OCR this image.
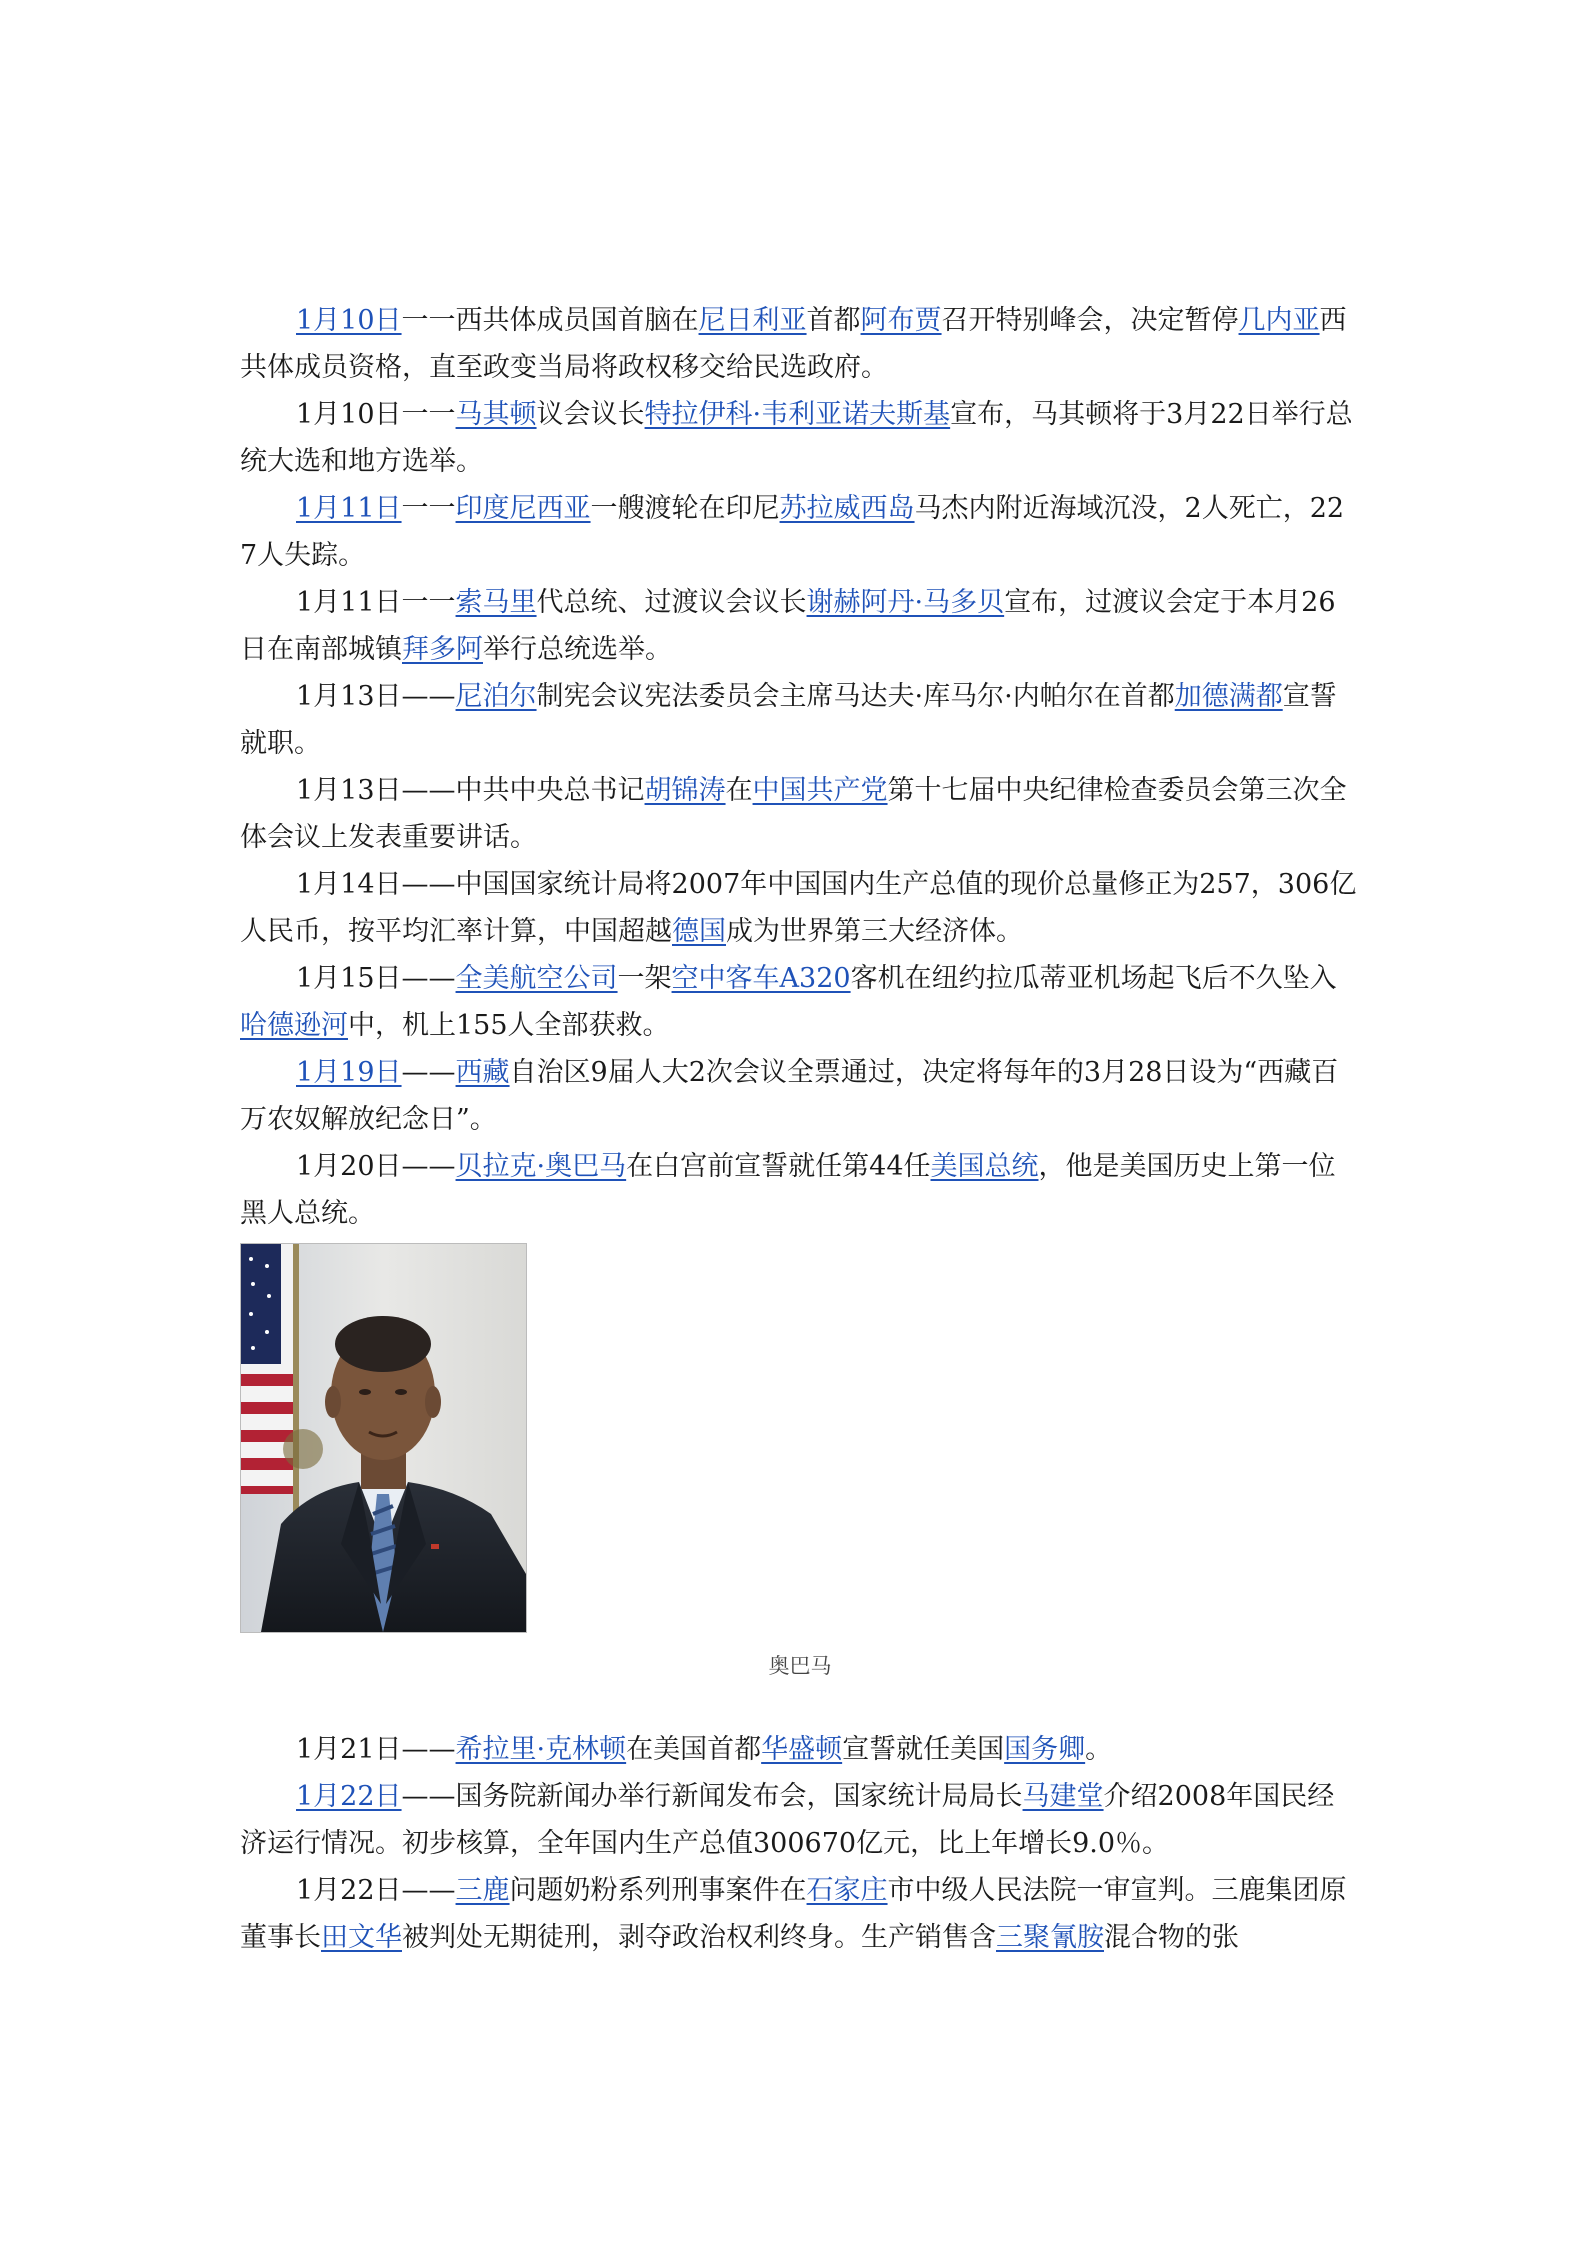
1月10日一一西共体成员国首脑在尼日利亚首都阿布贾召开特别峰会，决定暂停几内亚西共体成员资格，直至政变当局将政权移交给民选政府。

1月10日一一马其顿议会议长特拉伊科·韦利亚诺夫斯基宣布，马其顿将于3月22日举行总统大选和地方选举。

1月11日一一印度尼西亚一艘渡轮在印尼苏拉威西岛马杰内附近海域沉没，2人死亡，227人失踪。

1月11日一一索马里代总统、过渡议会议长谢赫阿丹·马多贝宣布，过渡议会定于本月26日在南部城镇拜多阿举行总统选举。

1月13日——尼泊尔制宪会议宪法委员会主席马达夫·库马尔·内帕尔在首都加德满都宣誓就职。

1月13日——中共中央总书记胡锦涛在中国共产党第十七届中央纪律检查委员会第三次全体会议上发表重要讲话。

1月14日——中国国家统计局将2007年中国国内生产总值的现价总量修正为257，306亿人民币，按平均汇率计算，中国超越德国成为世界第三大经济体。

1月15日——全美航空公司一架空中客车A320客机在纽约拉瓜蒂亚机场起飞后不久坠入哈德逊河中，机上155人全部获救。

1月19日——西藏自治区9届人大2次会议全票通过，决定将每年的3月28日设为“西藏百万农奴解放纪念日”。

1月20日——贝拉克·奥巴马在白宫前宣誓就任第44任美国总统，他是美国历史上第一位黑人总统。

奥巴马

1月21日——希拉里·克林顿在美国首都华盛顿宣誓就任美国国务卿。

1月22日——国务院新闻办举行新闻发布会，国家统计局局长马建堂介绍2008年国民经济运行情况。初步核算，全年国内生产总值300670亿元，比上年增长9.0％。

1月22日——三鹿问题奶粉系列刑事案件在石家庄市中级人民法院一审宣判。三鹿集团原董事长田文华被判处无期徒刑，剥夺政治权利终身。生产销售含三聚氰胺混合物的张
